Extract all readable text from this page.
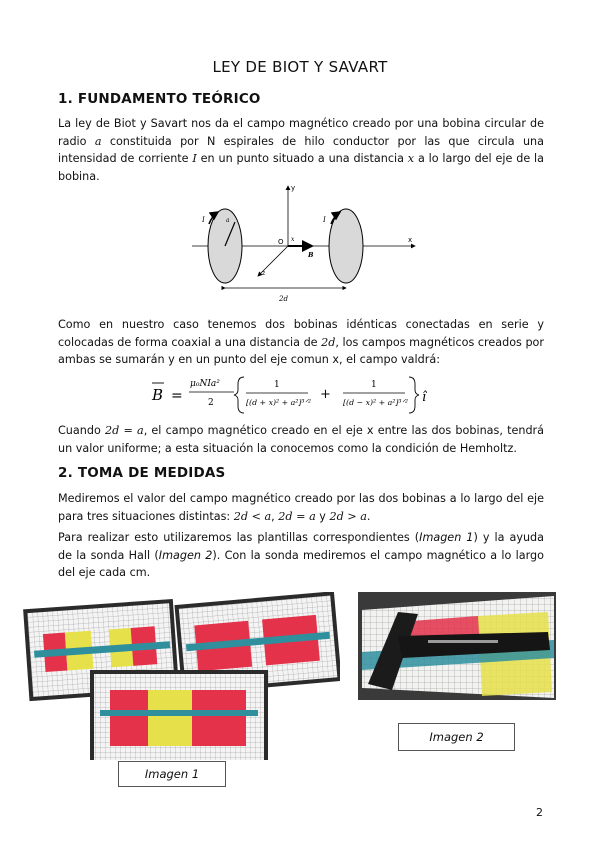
LEY DE BIOT Y SAVART
1. FUNDAMENTO TEÓRICO
La ley de Biot y Savart nos da el campo magnético creado por una bobina circular de radio a constituida por N espirales de hilo conductor por las que circula una intensidad de corriente I en un punto situado a una distancia x a lo largo del eje de la bobina.
y
x
z
O x
I	I
a
B
2d
Como en nuestro caso tenemos dos bobinas idénticas conectadas en serie y colocadas de forma coaxial a una distancia de 2d, los campos magnéticos creados por ambas se sumarán y en un punto del eje comun x, el campo valdrá:
B =
μ₀NIa²
2
1
[(d + x)² + a²]³ᐟ²
+
1
[(d − x)² + a²]³ᐟ² î
Cuando 2d = a, el campo magnético creado en el eje x entre las dos bobinas, tendrá un valor uniforme; a esta situación la conocemos como la condición de Hemholtz.
2. TOMA DE MEDIDAS
Mediremos el valor del campo magnético creado por las dos bobinas a lo largo del eje para tres situaciones distintas: 2d < a, 2d = a y 2d > a.
Para realizar esto utilizaremos las plantillas correspondientes (Imagen 1) y la ayuda de la sonda Hall (Imagen 2). Con la sonda mediremos el campo magnético a lo largo del eje cada cm.
Imagen 1
Imagen 2
2
